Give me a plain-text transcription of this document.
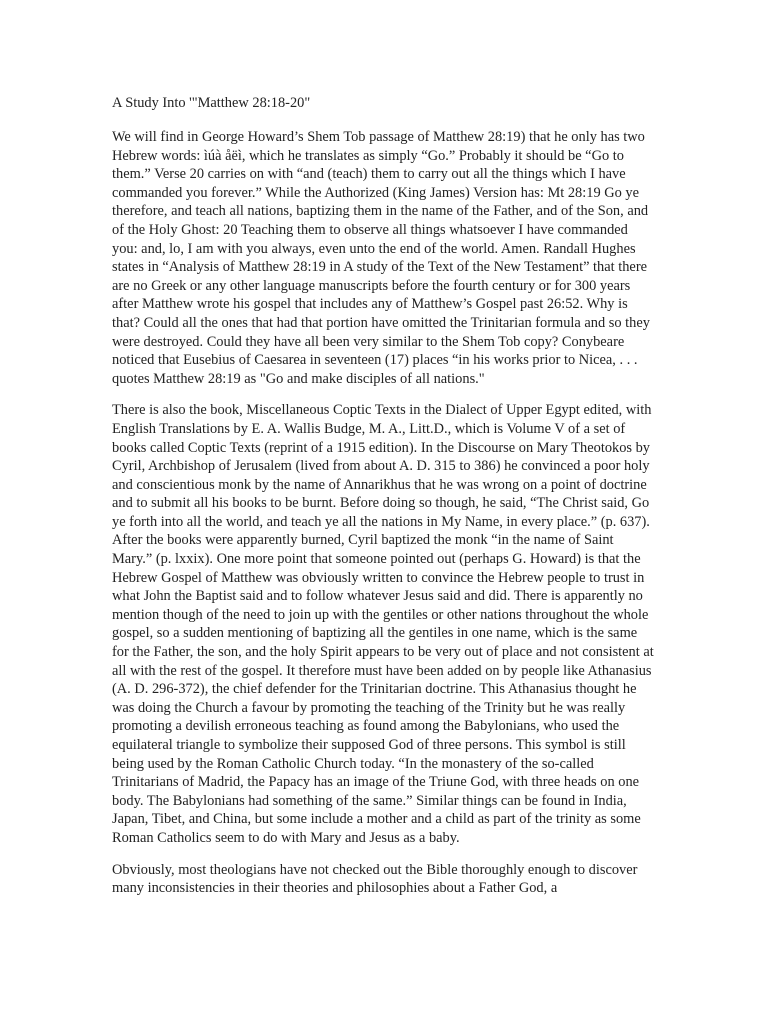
A Study Into '"Matthew 28:18-20"

We will find in George Howard’s Shem Tob passage of Matthew 28:19) that he only has two Hebrew words: ìúà åëì, which he translates as simply “Go.” Probably it should be “Go to them.” Verse 20 carries on with “and (teach) them to carry out all the things which I have commanded you forever.” While the Authorized (King James) Version has: Mt 28:19 Go ye therefore, and teach all nations, baptizing them in the name of the Father, and of the Son, and of the Holy Ghost: 20 Teaching them to observe all things whatsoever I have commanded you: and, lo, I am with you always, even unto the end of the world. Amen. Randall Hughes states in “Analysis of Matthew 28:19 in A study of the Text of the New Testament” that there are no Greek or any other language manuscripts before the fourth century or for 300 years after Matthew wrote his gospel that includes any of Matthew’s Gospel past 26:52. Why is that? Could all the ones that had that portion have omitted the Trinitarian formula and so they were destroyed. Could they have all been very similar to the Shem Tob copy? Conybeare noticed that Eusebius of Caesarea in seventeen (17) places “in his works prior to Nicea, . . . quotes Matthew 28:19 as "Go and make disciples of all nations."

There is also the book, Miscellaneous Coptic Texts in the Dialect of Upper Egypt edited, with English Translations by E. A. Wallis Budge, M. A., Litt.D., which is Volume V of a set of books called Coptic Texts (reprint of a 1915 edition). In the Discourse on Mary Theotokos by Cyril, Archbishop of Jerusalem (lived from about A. D. 315 to 386) he convinced a poor holy and conscientious monk by the name of Annarikhus that he was wrong on a point of doctrine and to submit all his books to be burnt. Before doing so though, he said, “The Christ said, Go ye forth into all the world, and teach ye all the nations in My Name, in every place.” (p. 637). After the books were apparently burned, Cyril baptized the monk “in the name of Saint Mary.” (p. lxxix). One more point that someone pointed out (perhaps G. Howard) is that the Hebrew Gospel of Matthew was obviously written to convince the Hebrew people to trust in what John the Baptist said and to follow whatever Jesus said and did. There is apparently no mention though of the need to join up with the gentiles or other nations throughout the whole gospel, so a sudden mentioning of baptizing all the gentiles in one name, which is the same for the Father, the son, and the holy Spirit appears to be very out of place and not consistent at all with the rest of the gospel. It therefore must have been added on by people like Athanasius (A. D. 296-372), the chief defender for the Trinitarian doctrine. This Athanasius thought he was doing the Church a favour by promoting the teaching of the Trinity but he was really promoting a devilish erroneous teaching as found among the Babylonians, who used the equilateral triangle to symbolize their supposed God of three persons. This symbol is still being used by the Roman Catholic Church today. “In the monastery of the so-called Trinitarians of Madrid, the Papacy has an image of the Triune God, with three heads on one body. The Babylonians had something of the same.” Similar things can be found in India, Japan, Tibet, and China, but some include a mother and a child as part of the trinity as some Roman Catholics seem to do with Mary and Jesus as a baby.

Obviously, most theologians have not checked out the Bible thoroughly enough to discover many inconsistencies in their theories and philosophies about a Father God, a
